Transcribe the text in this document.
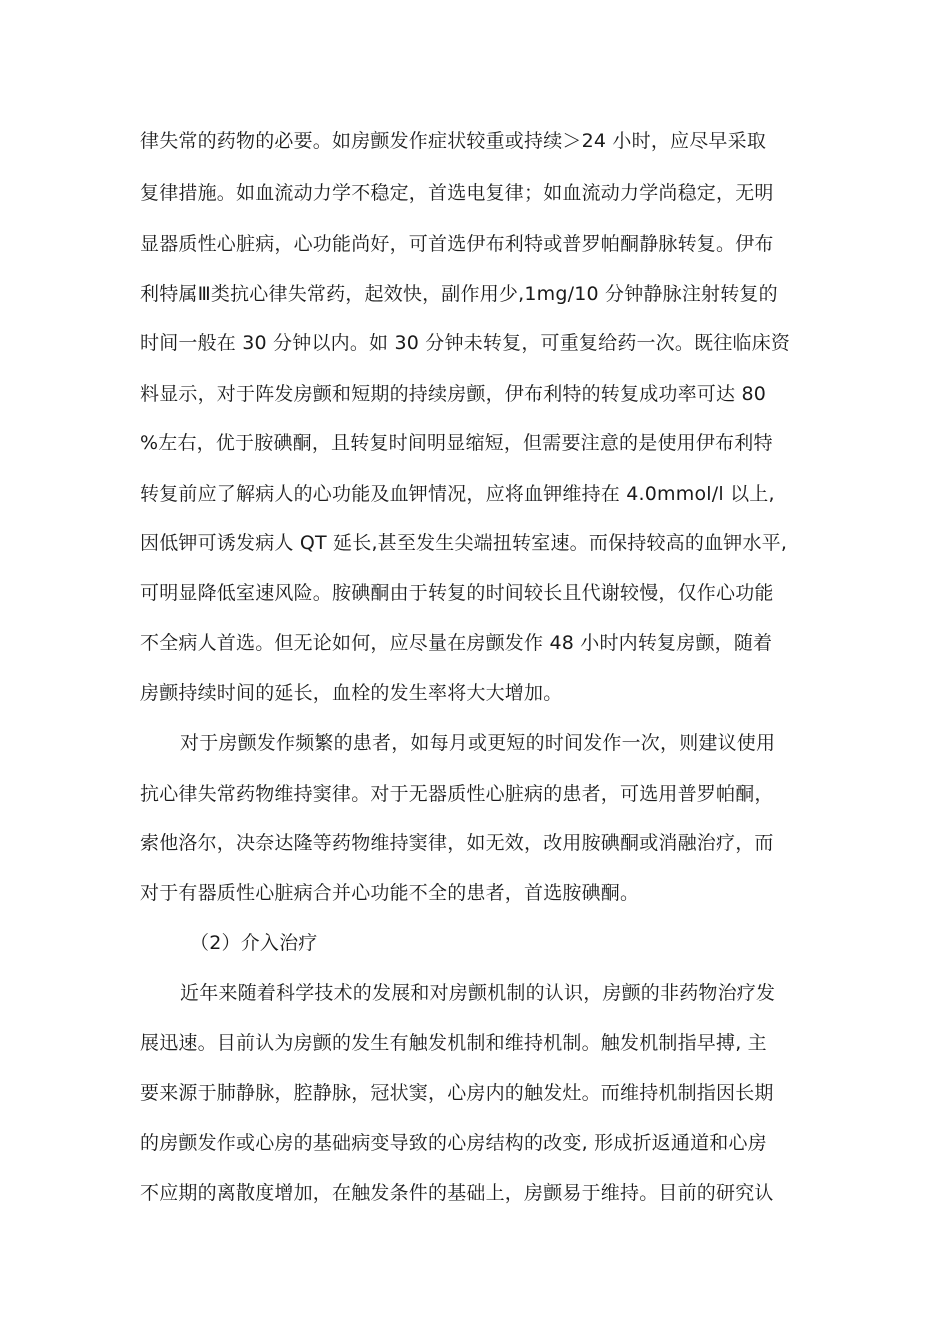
律失常的药物的必要。如房颤发作症状较重或持续＞24 小时，应尽早采取
复律措施。如血流动力学不稳定，首选电复律；如血流动力学尚稳定，无明
显器质性心脏病，心功能尚好，可首选伊布利特或普罗帕酮静脉转复。伊布
利特属Ⅲ类抗心律失常药，起效快，副作用少,1mg/10 分钟静脉注射转复的
时间一般在 30 分钟以内。如 30 分钟未转复，可重复给药一次。既往临床资
料显示，对于阵发房颤和短期的持续房颤，伊布利特的转复成功率可达 80
%左右，优于胺碘酮，且转复时间明显缩短，但需要注意的是使用伊布利特
转复前应了解病人的心功能及血钾情况，应将血钾维持在 4.0mmol/l 以上,
因低钾可诱发病人 QT 延长,甚至发生尖端扭转室速。而保持较高的血钾水平,
可明显降低室速风险。胺碘酮由于转复的时间较长且代谢较慢，仅作心功能
不全病人首选。但无论如何，应尽量在房颤发作 48 小时内转复房颤，随着
房颤持续时间的延长，血栓的发生率将大大增加。
对于房颤发作频繁的患者，如每月或更短的时间发作一次，则建议使用
抗心律失常药物维持窦律。对于无器质性心脏病的患者，可选用普罗帕酮，
索他洛尔，决奈达隆等药物维持窦律，如无效，改用胺碘酮或消融治疗，而
对于有器质性心脏病合并心功能不全的患者，首选胺碘酮。
（2）介入治疗
近年来随着科学技术的发展和对房颤机制的认识，房颤的非药物治疗发
展迅速。目前认为房颤的发生有触发机制和维持机制。触发机制指早搏, 主
要来源于肺静脉，腔静脉，冠状窦，心房内的触发灶。而维持机制指因长期
的房颤发作或心房的基础病变导致的心房结构的改变, 形成折返通道和心房
不应期的离散度增加，在触发条件的基础上，房颤易于维持。目前的研究认
